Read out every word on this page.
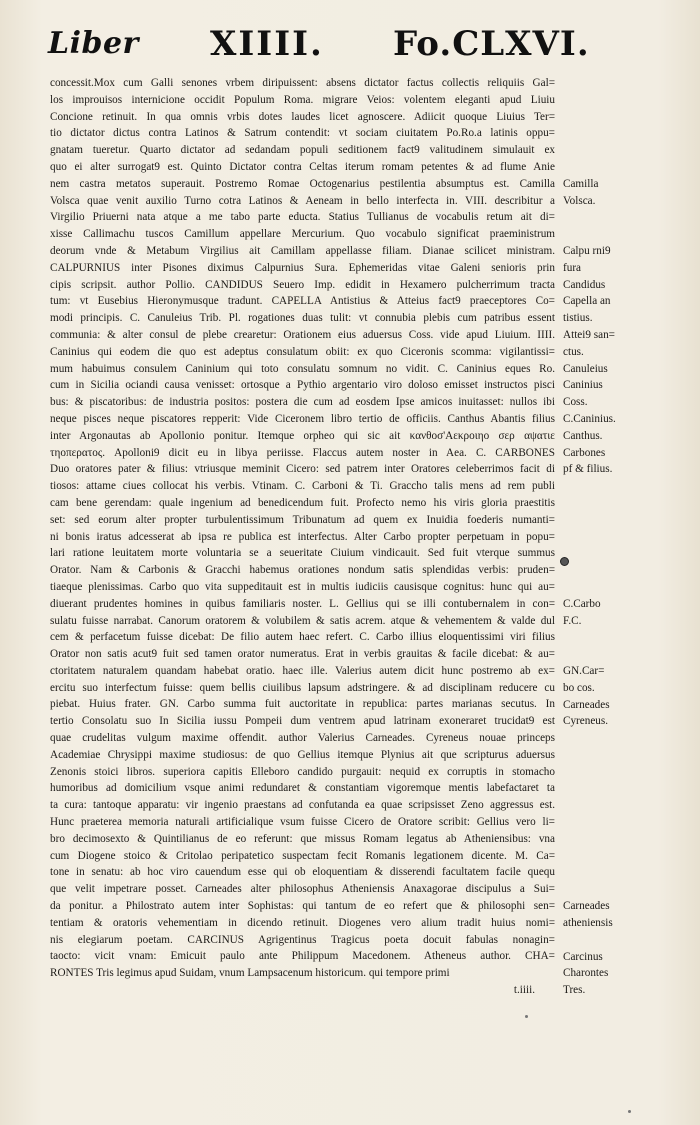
Liber XIIII. Fo.CLXVI.
concessit.Mox cum Galli senones vrbem diripuissent: absens dictator factus collectis reliquiis Gal=
los improuisos internicione occidit Populum Roma. migrare Veios: volentem eleganti apud Liuiu
Concione retinuit. In qua omnis vrbis dotes laudes licet agnoscere. Adiicit quoque Liuius Ter=
tio dictator dictus contra Latinos & Satrum contendit: vt sociam ciuitatem Po.Ro.a latinis oppu=
gnatam tueretur. Quarto dictator ad sedandam populi seditionem fact9 valitudinem simulauit ex
quo ei alter surrogat9 est. Quinto Dictator contra Celtas iterum romam petentes & ad flume Anie
nem castra metatos superauit. Postremo Romae Octogenarius pestilentia absumptus est. Camilla
Volsca quae venit auxilio Turno cotra Latinos & Aeneam in bello interfecta in. VIII. describitur a
Virgilio Priuerni nata atque a me tabo parte educta. Statius Tullianus de vocabulis retum ait di=
xisse Callimachu tuscos Camillum appellare Mercurium. Quo vocabulo significat praeministrum
deorum vnde & Metabum Virgilius ait Camillam appellasse filiam. Dianae scilicet ministram.
CALPURNIUS inter Pisones diximus Calpurnius Sura. Ephemeridas vitae Galeni senioris prin
cipis scripsit. author Pollio. CANDIDUS Seuero Imp. edidit in Hexamero pulcherrimum tracta
tum: vt Eusebius Hieronymusque tradunt. CAPELLA Antistius & Atteius fact9 praeceptores Co=
modi principis. C. Canuleius Trib. Pl. rogationes duas tulit: vt connubia plebis cum patribus essent
communia: & alter consul de plebe crearetur: Orationem eius aduersus Coss. vide apud Liuium. IIII.
Caninius qui eodem die quo est adeptus consulatum obiit: ex quo Ciceronis scomma: vigilantissi=
mum habuimus consulem Caninium qui toto consulatu somnum no vidit. C. Caninius eques Ro.
cum in Sicilia ociandi causa venisset: ortosque a Pythio argentario viro doloso emisset instructos pisci
bus: & piscatoribus: de industria positos: postera die cum ad eosdem Ipse amicos inuitasset: nullos ibi
neque pisces neque piscatores repperit: Vide Ciceronem libro tertio de officiis. Canthus Abantis filius
inter Argonautas ab Apollonio ponitur. Itemque orpheo qui sic ait κανθοσ'Αεκροιηο σερ αψατιε
τηοπερατος. Apolloni9 dicit eu in libya periisse. Flaccus autem noster in Aea. C. CARBONES
Duo oratores pater & filius: vtriusque meminit Cicero: sed patrem inter Oratores celeberrimos facit di
tiosos: attame ciues collocat his verbis. Vtinam. C. Carboni & Ti. Graccho talis mens ad rem publi
cam bene gerendam: quale ingenium ad benedicendum fuit. Profecto nemo his viris gloria praestitis
set: sed eorum alter propter turbulentissimum Tribunatum ad quem ex Inuidia foederis numanti=
ni bonis iratus adcesserat ab ipsa re publica est interfectus. Alter Carbo propter perpetuam in popu=
lari ratione leuitatem morte voluntaria se a seueritate Ciuium vindicauit. Sed fuit vterque summus
Orator. Nam & Carbonis & Gracchi habemus orationes nondum satis splendidas verbis: pruden=
tiaeque plenissimas. Carbo quo vita suppeditauit est in multis iudiciis causisque cognitus: hunc qui au=
diuerant prudentes homines in quibus familiaris noster. L. Gellius qui se illi contubernalem in con=
sulatu fuisse narrabat. Canorum oratorem & volubilem & satis acrem. atque & vehementem & valde dul
cem & perfacetum fuisse dicebat: De filio autem haec refert. C. Carbo illius eloquentissimi viri filius
Orator non satis acut9 fuit sed tamen orator numeratus. Erat in verbis grauitas & facile dicebat: & au=
ctoritatem naturalem quandam habebat oratio. haec ille. Valerius autem dicit hunc postremo ab ex=
ercitu suo interfectum fuisse: quem bellis ciuilibus lapsum adstringere. & ad disciplinam reducere cu
piebat. Huius frater. GN. Carbo summa fuit auctoritate in republica: partes marianas secutus. In
tertio Consolatu suo In Sicilia iussu Pompeii dum ventrem apud latrinam exoneraret trucidat9 est
quae crudelitas vulgum maxime offendit. author Valerius Carneades. Cyreneus nouae princeps
Academiae Chrysippi maxime studiosus: de quo Gellius itemque Plynius ait que scripturus aduersus
Zenonis stoici libros. superiora capitis Elleboro candido purgauit: nequid ex corruptis in stomacho
humoribus ad domicilium vsque animi redundaret & constantiam vigoremque mentis labefactaret ta
ta cura: tantoque apparatu: vir ingenio praestans ad confutanda ea quae scripsisset Zeno aggressus est.
Hunc praeterea memoria naturali artificialique vsum fuisse Cicero de Oratore scribit: Gellius vero li=
bro decimosexto & Quintilianus de eo referunt: que missus Romam legatus ab Atheniensibus: vna
cum Diogene stoico & Critolao peripatetico suspectam fecit Romanis legationem dicente. M. Ca=
tone in senatu: ab hoc viro cauendum esse qui ob eloquentiam & disserendi facultatem facile quequ
que velit impetrare posset. Carneades alter philosophus Atheniensis Anaxagorae discipulus a Sui=
da ponitur. a Philostrato autem inter Sophistas: qui tantum de eo refert que & philosophi sen=
tentiam & oratoris vehementiam in dicendo retinuit. Diogenes vero alium tradit huius nomi=
nis elegiarum poetam. CARCINUS Agrigentinus Tragicus poeta docuit fabulas nonagin=
taocto: vicit vnam: Emicuit paulo ante Philippum Macedonem. Atheneus author. CHA=
RONTES Tris legimus apud Suidam, vnum Lampsacenum historicum. qui tempore primi
t.iiii.
Camilla
Volsca.
Calpu rni9
fura
Candidus
Capella an
tistius.
Attei9 san=
ctus.
Canuleius
Caninius
Coss.
C.Caninius.
Canthus.
Carbones
pf & filius.
C.Carbo
F.C.
GN.Car=
bo cos.
Carneades
Cyreneus.
Carneades
atheniensis
Carcinus
Charontes
Tres.
